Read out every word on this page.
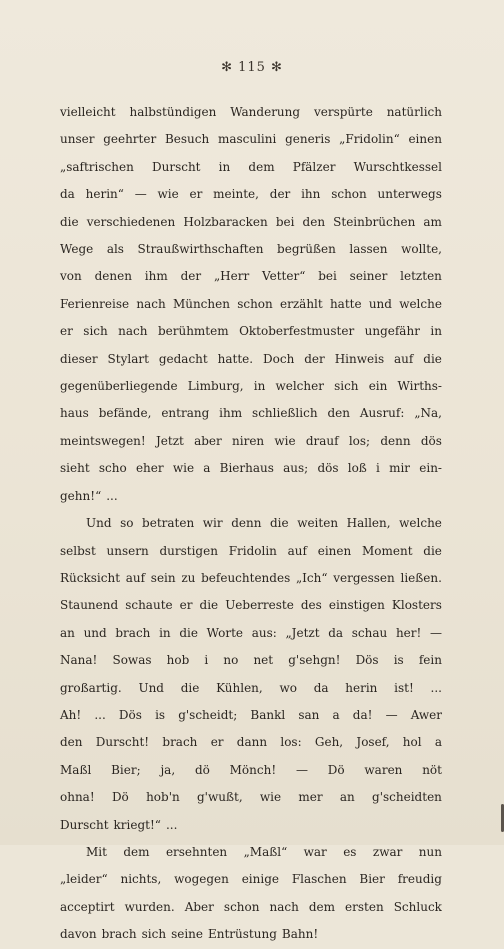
✻ 115 ✻
vielleicht halbstündigen Wanderung verspürte natürlich
unser geehrter Besuch masculini generis „Fridolin“ einen
„saftrischen Durscht in dem Pfälzer Wurschtkessel
da herin“ — wie er meinte, der ihn schon unterwegs
die verschiedenen Holzbaracken bei den Steinbrüchen am
Wege als Straußwirthschaften begrüßen lassen wollte,
von denen ihm der „Herr Vetter“ bei seiner letzten
Ferienreise nach München schon erzählt hatte und welche
er sich nach berühmtem Oktoberfestmuster ungefähr in
dieser Stylart gedacht hatte. Doch der Hinweis auf die
gegenüberliegende Limburg, in welcher sich ein Wirths-
haus befände, entrang ihm schließlich den Ausruf: „Na,
meintswegen! Jetzt aber niren wie drauf los; denn dös
sieht scho eher wie a Bierhaus aus; dös loß i mir ein-
gehn!“ ...
Und so betraten wir denn die weiten Hallen, welche
selbst unsern durstigen Fridolin auf einen Moment die
Rücksicht auf sein zu befeuchtendes „Ich“ vergessen ließen.
Staunend schaute er die Ueberreste des einstigen Klosters
an und brach in die Worte aus: „Jetzt da schau her! —
Nana! Sowas hob i no net g'sehgn! Dös is fein
großartig. Und die Kühlen, wo da herin ist! ...
Ah! ... Dös is g'scheidt; Bankl san a da! — Awer
den Durscht! brach er dann los: Geh, Josef, hol a
Maßl Bier; ja, dö Mönch! — Dö waren nöt
ohna! Dö hob'n g'wußt, wie mer an g'scheidten
Durscht kriegt!“ ...
Mit dem ersehnten „Maßl“ war es zwar nun
„leider“ nichts, wogegen einige Flaschen Bier freudig
acceptirt wurden. Aber schon nach dem ersten Schluck
davon brach sich seine Entrüstung Bahn!
